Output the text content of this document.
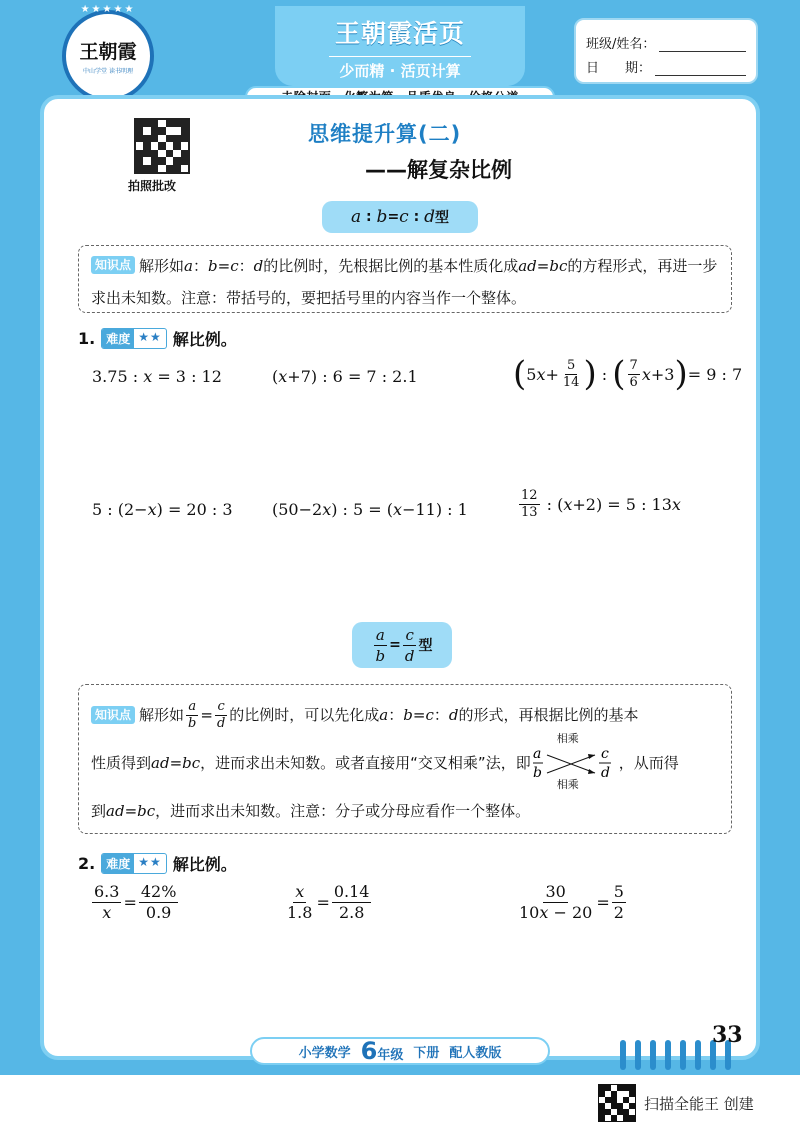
★★★★★
王朝霞
中山学堂 读书明理
王朝霞活页
少而精 · 活页计算
班级/姓名：
日　　期：
拍照批改
思维提升算(二)
——解复杂比例
a : b = c : d 型
知识点 解形如a：b=c：d的比例时，先根据比例的基本性质化成ad=bc的方程形式，再进一步求出未知数。注意：带括号的，要把括号里的内容当作一个整体。
1. 难度 ★★ 解比例。
3.75 : x = 3 : 12	( x +7) : 6 = 7 : 2.1	( 5 $x + \frac{5}{14}$ ) : ( $\frac{7}{6}$ x +3 ) = 9 : 7
5 : (2− x ) = 20 : 3 (50−2 x ) : 5 = ( x −11) : 1	$\frac{12}{13}$ : ( x +2) = 5 : 13 x
$\frac{a}{b} = \frac{c}{d}$ 型
知识点 解形如 $\frac{a}{b} = \frac{c}{d}$ 的比例时，可以先化成 a ： b = c ： d 的形式，再根据比例的基本
性质得到 ad = bc ，进而求出未知数。或者直接用“交叉相乘”法，即 a
b
c
d
相乘
相乘
，从而得
到 ad = bc ，进而求出未知数。注意：分子或分母应看作一个整体。
2. 难度 ★★ 解比例。
$\frac{6.3}{x} = \frac{42\%}{0.9}$	$\frac{x}{1.8} = \frac{0.14}{2.8}$	$\frac{30}{10x - 20} = \frac{5}{2}$
小学数学 6年级 下册 配人教版
33
扫描全能王 创建
